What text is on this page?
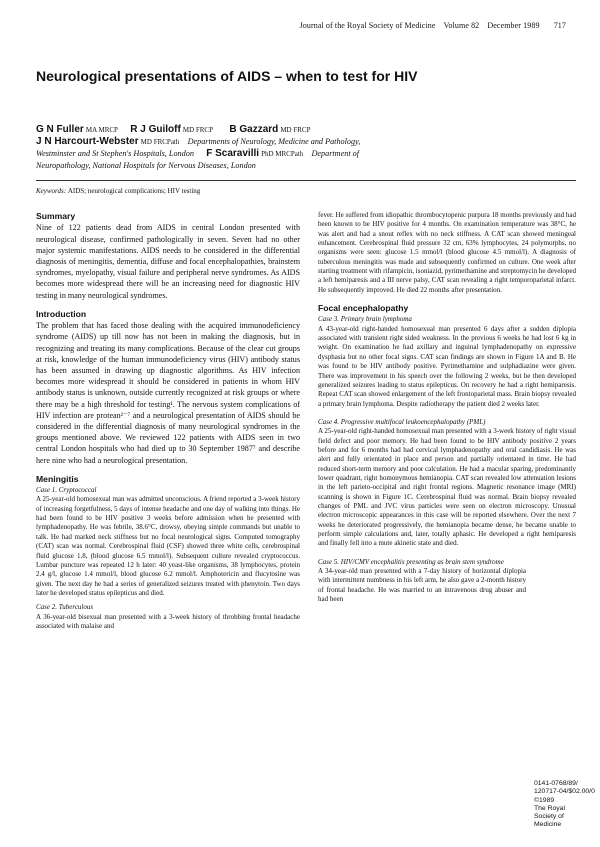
Journal of the Royal Society of Medicine Volume 82 December 1989 717
Neurological presentations of AIDS – when to test for HIV
G N Fuller MA MRCP R J Guiloff MD FRCP B Gazzard MD FRCP
J N Harcourt-Webster MD FRCPath Departments of Neurology, Medicine and Pathology,
Westminster and St Stephen's Hospitals, London F Scaravilli PhD MRCPath Department of
Neuropathology, National Hospitals for Nervous Diseases, London
Keywords: AIDS; neurological complications; HIV testing
Summary

Nine of 122 patients dead from AIDS in central London presented with neurological disease, confirmed pathologically in seven. Seven had no other major systemic manifestations. AIDS needs to be considered in the differential diagnosis of meningitis, dementia, diffuse and focal encephalopathies, brainstem syndromes, myelopathy, visual failure and peripheral nerve syndromes. As AIDS becomes more widespread there will be an increasing need for diagnostic HIV testing in many neurological syndromes.

Introduction

The problem that has faced those dealing with the acquired immunodeficiency syndrome (AIDS) up till now has not been in making the diagnosis, but in recognizing and treating its many complications. Because of the clear cut groups at risk, knowledge of the human immunodeficiency virus (HIV) antibody status has been assumed in drawing up diagnostic algorithms. As HIV infection becomes more widespread it should be considered in patients in whom HIV antibody status is unknown, outside currently recognized at risk groups or where there may be a high threshold for testing¹. The nervous system complications of HIV infection are protean²⁻⁷ and a neurological presentation of AIDS should be considered in the differential diagnosis of many neurological syndromes in the groups mentioned above. We reviewed 122 patients with AIDS seen in two central London hospitals who had died up to 30 September 1987⁷ and describe here nine who had a neurological presentation.

Meningitis
Case 1. Cryptococcal

A 25-year-old homosexual man was admitted unconscious. A friend reported a 3-week history of increasing forgetfulness, 5 days of intense headache and one day of walking into things. He had been found to be HIV positive 3 weeks before admission when he presented with lymphadenopathy. He was febrile, 38.6°C, drowsy, obeying simple commands but unable to talk. He had marked neck stiffness but no focal neurological signs. Computed tomography (CAT) scan was normal. Cerebrospinal fluid (CSF) showed three white cells, cerebrospinal fluid glucose 1.8, (blood glucose 6.5 mmol/l). Subsequent culture revealed cryptococcus. Lumbar puncture was repeated 12 h later: 40 yeast-like organisms, 38 lymphocytes, protein 2.4 g/l, glucose 1.4 mmol/l, blood glucose 6.2 mmol/l. Amphotericin and flucytosine was given. The next day he had a series of generalized seizures treated with phenytoin. Two days later he developed status epilepticus and died.

Case 2. Tuberculous

A 36-year-old bisexual man presented with a 3-week history of throbbing frontal headache associated with malaise and

fever. He suffered from idiopathic thrombocytopenic purpura 18 months previously and had been known to be HIV positive for 4 months. On examination temperature was 38°C, he was alert and had a snout reflex with no neck stiffness. A CAT scan showed meningeal enhancement. Cerebrospinal fluid pressure 32 cm, 63% lymphocytes, 24 polymorphs, no organisms were seen: glucose 1.5 mmol/l (blood glucose 4.5 mmol/l). A diagnosis of tuberculous meningitis was made and subsequently confirmed on culture. One week after starting treatment with rifampicin, isoniazid, pyrimethamine and streptomycin he developed a left hemiparesis and a III nerve palsy, CAT scan revealing a right temporoparietal infarct. He subsequently improved. He died 22 months after presentation.

Focal encephalopathy
Case 3. Primary brain lymphoma

A 43-year-old right-handed homosexual man presented 6 days after a sudden diplopia associated with transient right sided weakness. In the previous 6 weeks he had lost 6 kg in weight. On examination he had axillary and inguinal lymphadenopathy on expressive dysphasia but no other focal signs. CAT scan findings are shown in Figure 1A and B. He was found to be HIV antibody positive. Pyrimethamine and sulphadiazine were given. There was improvement in his speech over the following 2 weeks, but he then developed generalized seizures leading to status epilepticus. On recovery he had a right hemiparesis. Repeat CAT scan showed enlargement of the left frontoparietal mass. Brain biopsy revealed a primary brain lymphoma. Despite radiotherapy the patient died 2 weeks later.

Case 4. Progressive multifocal leukoencephalopathy (PML)

A 25-year-old right-handed homosexual man presented with a 3-week history of right visual field defect and poor memory. He had been found to be HIV antibody positive 2 years before and for 6 months had had cervical lymphadenopathy and oral candidiasis. He was alert and fully orientated in place and person and partially orientated in time. He had reduced short-term memory and poor calculation. He had a macular sparing, predominantly lower quadrant, right homonymous hemianopia. CAT scan revealed low attenuation lesions in the left parieto-occipital and right frontal regions. Magnetic resonance image (MRI) scanning is shown in Figure 1C. Cerebrospinal fluid was normal. Brain biopsy revealed changes of PML and JVC virus particles were seen on electron microscopy. Unusual electron microscopic appearances in this case will be reported elsewhere. Over the next 7 weeks he deteriorated progressively, the hemianopia became dense, he became unable to perform simple calculations and, later, totally aphasic. He developed a right hemiparesis and finally fell into a mute akinetic state and died.

Case 5. HIV/CMV encephalitis presenting as brain stem syndrome

A 34-year-old man presented with a 7-day history of horizontal diplopia with intermittent numbness in his left arm, he also gave a 2-month history of frontal headache. He was married to an intravenous drug abuser and had been

0141-0768/89/
120717-04/$02.00/0
©1989
The Royal
Society of
Medicine
